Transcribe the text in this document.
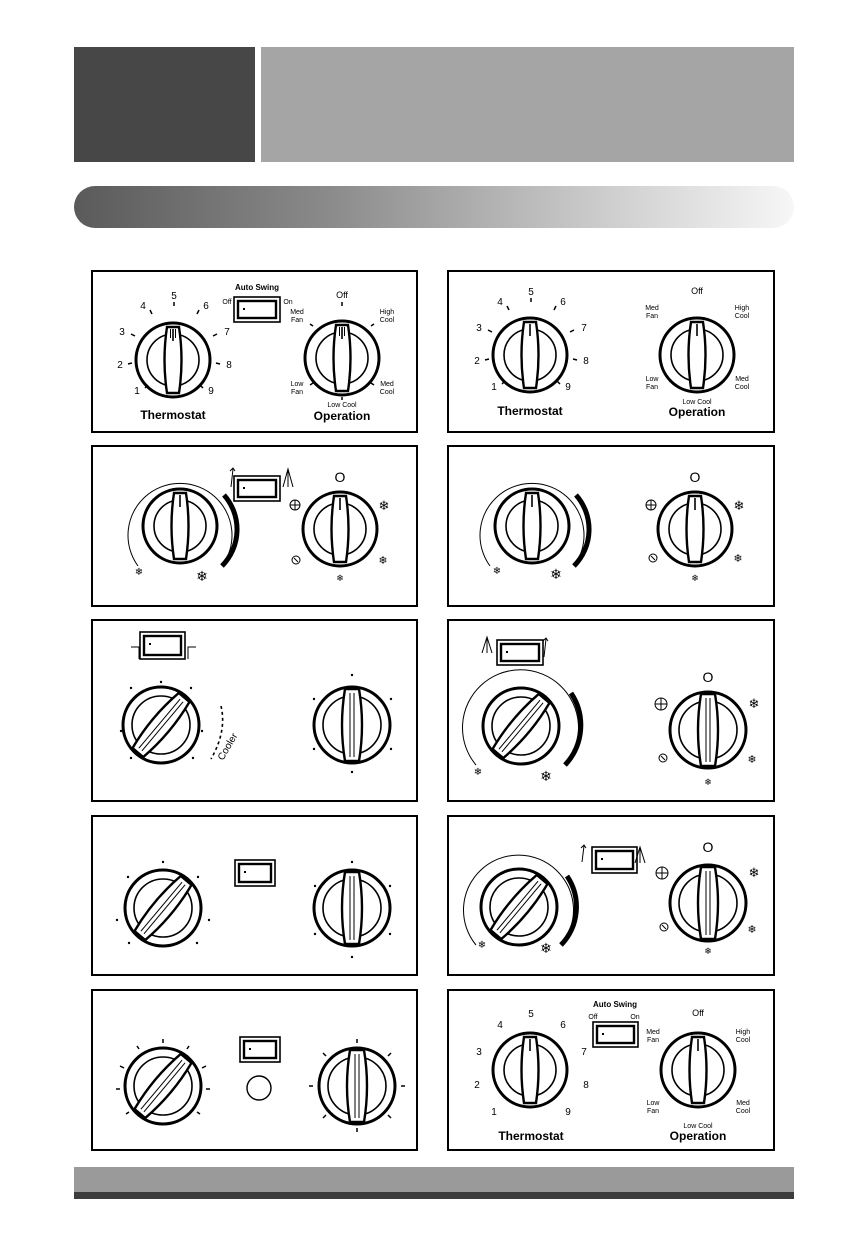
1
2
3
4
5
6
7
8
9
Thermostat
Auto Swing
Off	On
Off
Med
Fan
High
Cool
Low
Fan
Med
Cool
Low Cool
Operation
1
2
3
4
5
6
7
8
9
Thermostat
Off
Med
Fan
High
Cool
Low
Fan
Med
Cool
Low Cool
Operation
❄	❄
O
❄
❄
❄
❄	❄
O
❄
❄
❄
Cooler
❄	❄
O
❄
❄
❄
❄	❄
O
❄
❄
❄
1
2
3
4
5
6
7
8
9
Thermostat
Auto Swing
Off	On	Off
Med
Fan
High
Cool
Low
Fan
Med
Cool
Low Cool
Operation
